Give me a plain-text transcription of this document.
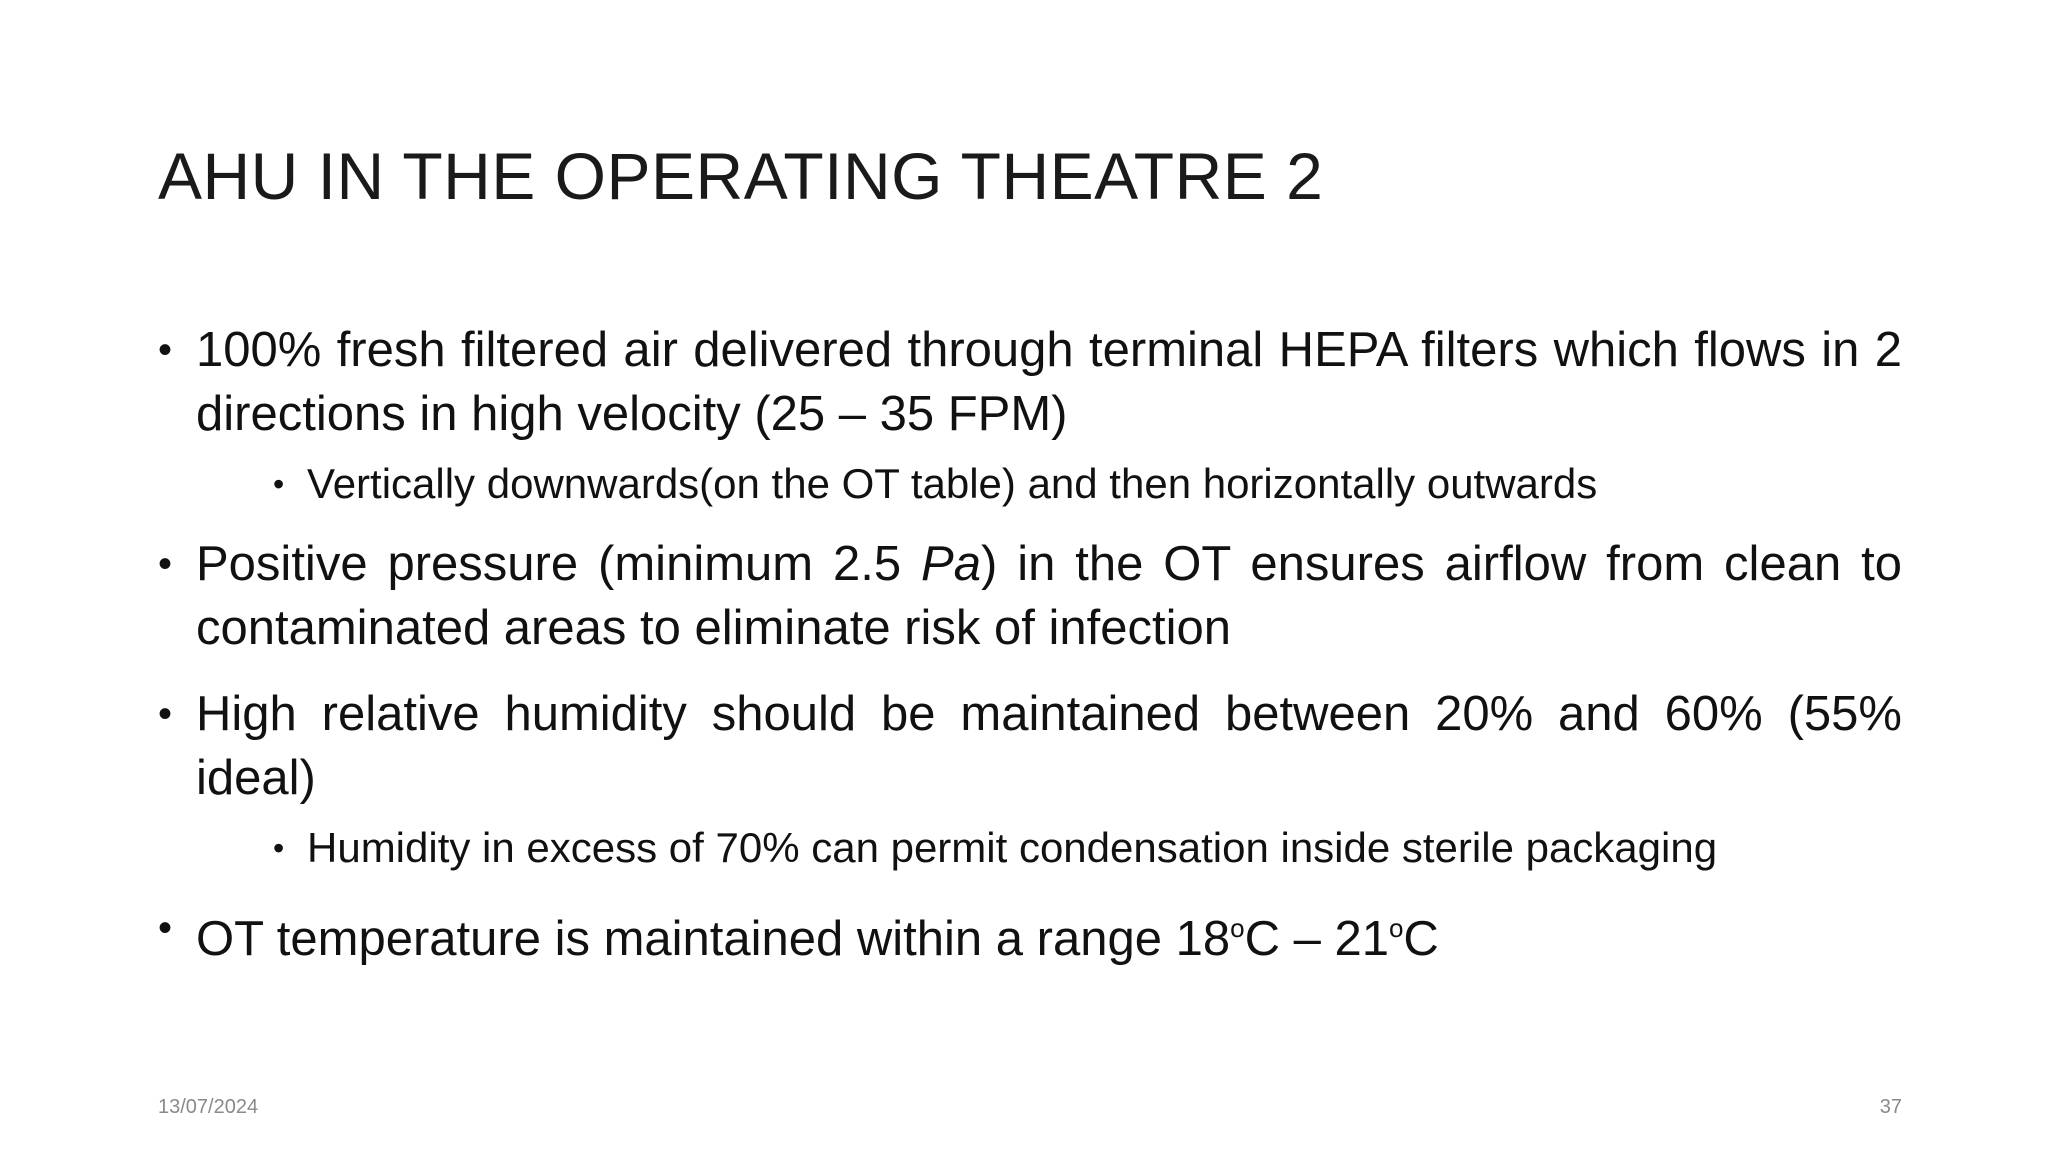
AHU IN THE OPERATING THEATRE 2
• 100% fresh filtered air delivered through terminal HEPA filters which flows in 2 directions in high velocity (25 – 35 FPM)
• Vertically downwards(on the OT table) and then horizontally outwards
• Positive pressure (minimum 2.5 Pa) in the OT ensures airflow from clean to contaminated areas to eliminate risk of infection
• High relative humidity should be maintained between 20% and 60% (55% ideal)
• Humidity in excess of 70% can permit condensation inside sterile packaging
• OT temperature is maintained within a range 18$^o$C – 21$^o$C
13/07/2024	37
